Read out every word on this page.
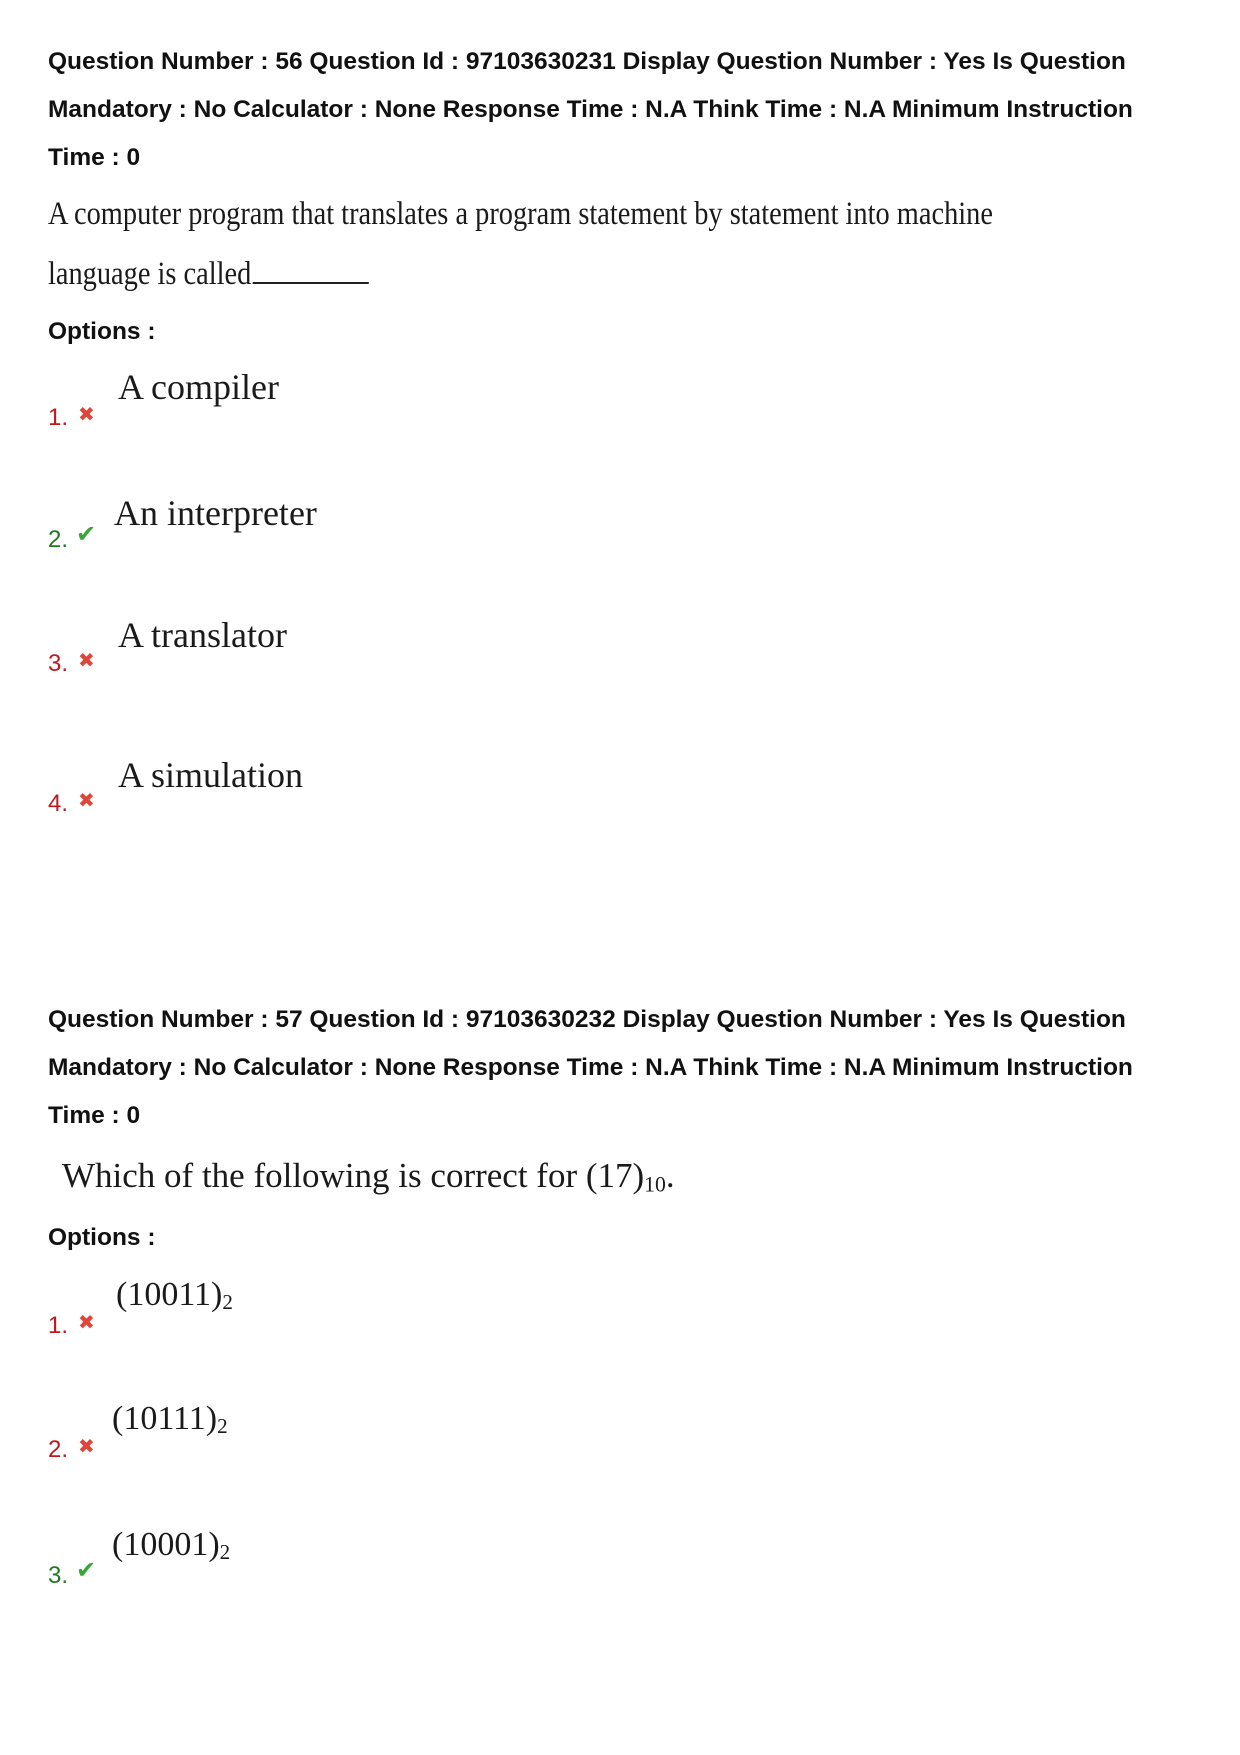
Question Number : 56 Question Id : 97103630231 Display Question Number : Yes Is Question

Mandatory : No Calculator : None Response Time : N.A Think Time : N.A Minimum Instruction

Time : 0

A computer program that translates a program statement by statement into machine
language is called

Options :

1. ✖
A compiler
2. ✔
An interpreter
3. ✖
A translator
4. ✖
A simulation

Question Number : 57 Question Id : 97103630232 Display Question Number : Yes Is Question

Mandatory : No Calculator : None Response Time : N.A Think Time : N.A Minimum Instruction

Time : 0

Which of the following is correct for $(17)_{10}$.

Options :

1. ✖
$(10011)_2$
2. ✖
$(10111)_2$
3. ✔
$(10001)_2$
